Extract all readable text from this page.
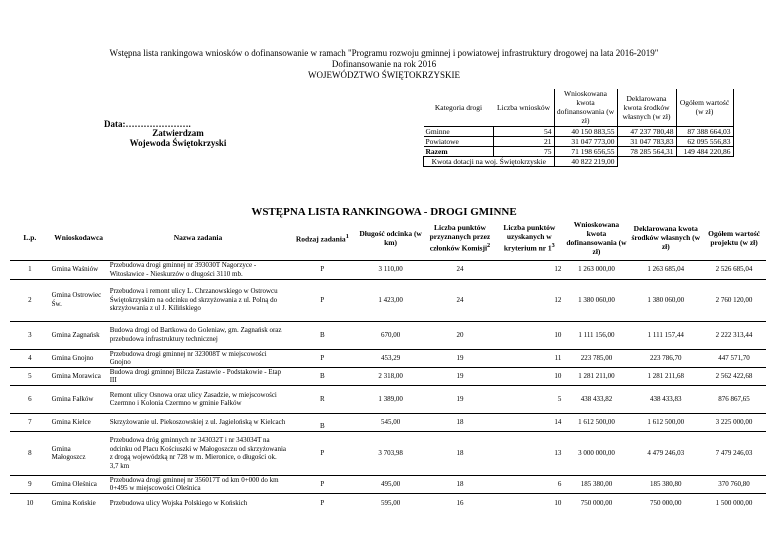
Wstępna lista rankingowa wniosków o dofinansowanie w ramach "Programu rozwoju gminnej i powiatowej infrastruktury drogowej na lata 2016-2019"
Dofinansowanie na rok 2016
WOJEWÓDZTWO ŚWIĘTOKRZYSKIE
Data:………………….
Zatwierdzam
Wojewoda Świętokrzyski
Kategoria drogi	Liczba wniosków	Wnioskowana kwota dofinansowania (w zł)	Deklarowana kwota środków własnych (w zł)	Ogółem wartość (w zł)
Gminne	54	40 150 883,55	47 237 780,48	87 388 664,03
Powiatowe	21	31 047 773,00	31 047 783,83	62 095 556,83
Razem	75	71 198 656,55	78 285 564,31	149 484 220,86
Kwota dotacji na woj. Świętokrzyskie		40 822 219,00		
WSTĘPNA LISTA RANKINGOWA - DROGI GMINNE
L.p.	Wnioskodawca	Nazwa zadania	Rodzaj zadania$^1$	Długość odcinka (w km)	Liczba punktów przyznanych przez członków Komisji$^2$	Liczba punktów uzyskanych w kryterium nr $1^3$	Wnioskowana kwota dofinansowania (w zł)	Deklarowana kwota środków własnych (w zł)	Ogółem wartość projektu (w zł)
1	Gmina Waśniów	Przebudowa drogi gminnej nr 393030T Nagorzyce - Witosławice - Nieskurzów o długości 3110 mb.	P	3 110,00	24	12	1 263 000,00	1 263 685,04	2 526 685,04
2	Gmina Ostrowiec Św.	Przebudowa i remont ulicy L. Chrzanowskiego w Ostrowcu Świętokrzyskim na odcinku od skrzyżowania z ul. Polną do skrzyżowania z ul J. Kilińskiego	P	1 423,00	24	12	1 380 060,00	1 380 060,00	2 760 120,00
3	Gmina Zagnańsk	Budowa drogi od Bartkowa do Goleniaw, gm. Zagnańsk oraz przebudowa infrastruktury technicznej	B	670,00	20	10	1 111 156,00	1 111 157,44	2 222 313,44
4	Gmina Gnojno	Przebudowa drogi gminnej nr 323008T w miejscowości Gnojno	P	453,29	19	11	223 785,00	223 786,70	447 571,70
5	Gmina Morawica	Budowa drogi gminnej Bilcza Zastawie - Podstakowie - Etap III	B	2 318,00	19	10	1 281 211,00	1 281 211,68	2 562 422,68
6	Gmina Fałków	Remont ulicy Osnowa oraz ulicy Zasadzie, w miejscowości Czermno i Kolonia Czermno w gminie Fałków	R	1 389,00	19	5	438 433,82	438 433,83	876 867,65
7	Gmina Kielce	Skrzyżowanie ul. Piekoszowskiej z ul. Jagielońską w Kielcach	B	545,00	18	14	1 612 500,00	1 612 500,00	3 225 000,00
8	Gmina Małogoszcz	Przebudowa dróg gminnych nr 343032T i nr 343034T na odcinku od Placu Kościuszki w Małogoszczu od skrzyżowania z drogą wojewódzką nr 728 w m. Mieronice, o długości ok. 3,7 km	P	3 703,98	18	13	3 000 000,00	4 479 246,03	7 479 246,03
9	Gmina Oleśnica	Przebudowa drogi gminnej nr 356017T od km 0+000 do km 0+495 w miejscowości Oleśnica	P	495,00	18	6	185 380,00	185 380,80	370 760,80
10	Gmina Końskie	Przebudowa ulicy Wojska Polskiego w Końskich	P	595,00	16	10	750 000,00	750 000,00	1 500 000,00
